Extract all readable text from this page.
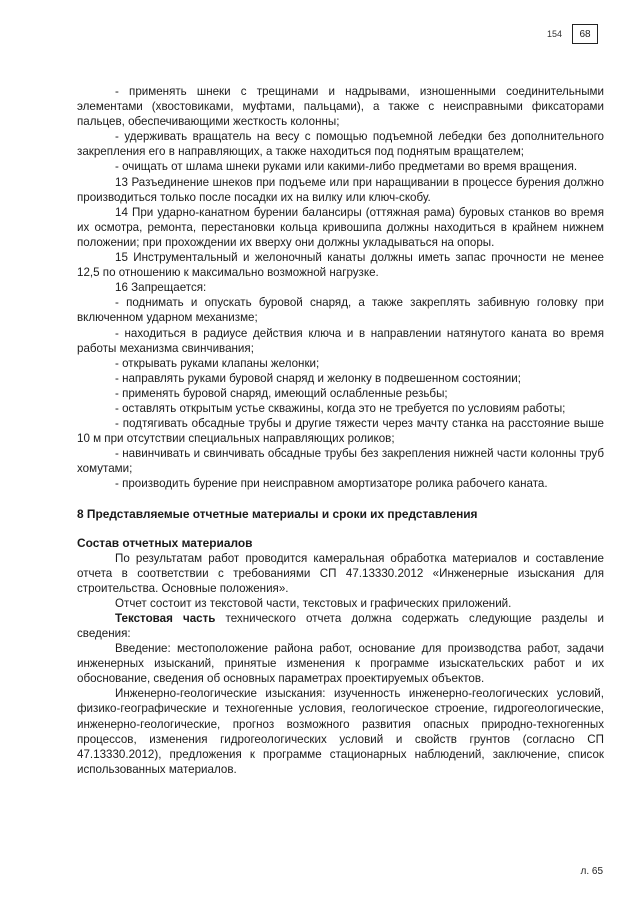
154	68

- применять шнеки с трещинами и надрывами, изношенными соединительными элементами (хвостовиками, муфтами, пальцами), а также с неисправными фиксаторами пальцев, обеспечивающими жесткость колонны;

- удерживать вращатель на весу с помощью подъемной лебедки без дополнительного закрепления его в направляющих, а также находиться под поднятым вращателем;

- очищать от шлама шнеки руками или какими-либо предметами во время вращения.

13 Разъединение шнеков при подъеме или при наращивании в процессе бурения должно производиться только после посадки их на вилку или ключ-скобу.

14 При ударно-канатном бурении балансиры (оттяжная рама) буровых станков во время их осмотра, ремонта, перестановки кольца кривошипа должны находиться в крайнем нижнем положении; при прохождении их вверху они должны укладываться на опоры.

15 Инструментальный и желоночный канаты должны иметь запас прочности не менее 12,5 по отношению к максимально возможной нагрузке.

16 Запрещается:

- поднимать и опускать буровой снаряд, а также закреплять забивную головку при включенном ударном механизме;

- находиться в радиусе действия ключа и в направлении натянутого каната во время работы механизма свинчивания;

- открывать руками клапаны желонки;

- направлять руками буровой снаряд и желонку в подвешенном состоянии;

- применять буровой снаряд, имеющий ослабленные резьбы;

- оставлять открытым устье скважины, когда это не требуется по условиям работы;

- подтягивать обсадные трубы и другие тяжести через мачту станка на расстояние выше 10 м при отсутствии специальных направляющих роликов;

- навинчивать и свинчивать обсадные трубы без закрепления нижней части колонны труб хомутами;

- производить бурение при неисправном амортизаторе ролика рабочего каната.

8 Представляемые отчетные материалы и сроки их представления

Состав отчетных материалов

По результатам работ проводится камеральная обработка материалов и составление отчета в соответствии с требованиями СП 47.13330.2012 «Инженерные изыскания для строительства. Основные положения».

Отчет состоит из текстовой части, текстовых и графических приложений.

Текстовая часть технического отчета должна содержать следующие разделы и сведения:

Введение: местоположение района работ, основание для производства работ, задачи инженерных изысканий, принятые изменения к программе изыскательских работ и их обоснование, сведения об основных параметрах проектируемых объектов.

Инженерно-геологические изыскания: изученность инженерно-геологических условий, физико-географические и техногенные условия, геологическое строение, гидрогеологические, инженерно-геологические, прогноз возможного развития опасных природно-техногенных процессов, изменения гидрогеологических условий и свойств грунтов (согласно СП 47.13330.2012), предложения к программе стационарных наблюдений, заключение, список использованных материалов.

л. 65
